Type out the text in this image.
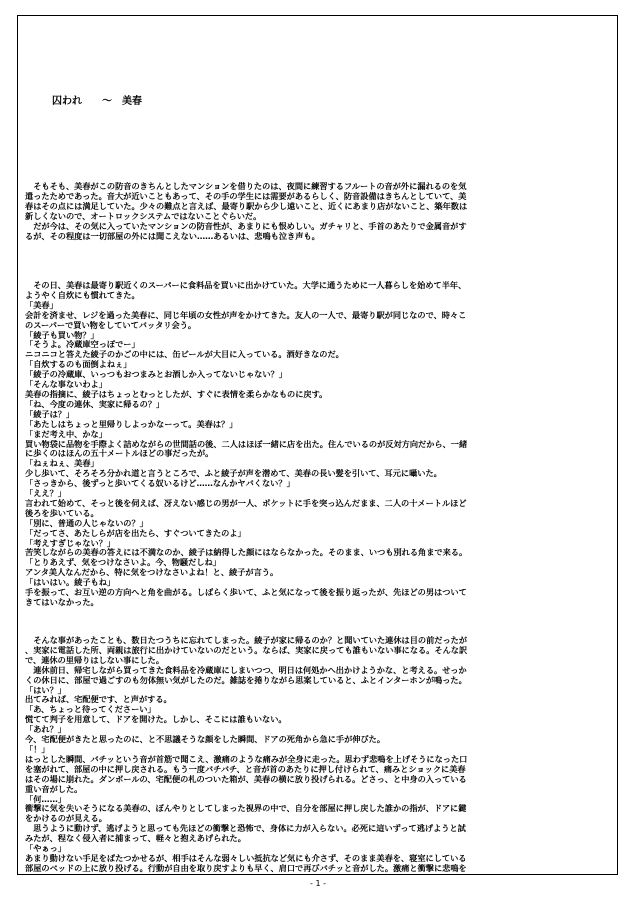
囚われ　　～　美春
　そもそも、美春がこの防音のきちんとしたマンションを借りたのは、夜間に練習するフルートの音が外に漏れるのを気
遣ったためであった。音大が近いこともあって、その手の学生には需要があるらしく、防音設備はきちんとしていて、美
春はその点には満足していた。少々の難点と言えば、最寄り駅から少し遠いこと、近くにあまり店がないこと、築年数は
新しくないので、オートロックシステムではないことぐらいだ。
　だが今は、その気に入っていたマンションの防音性が、あまりにも恨めしい。ガチャリと、手首のあたりで金属音がす
るが、その程度は一切部屋の外には聞こえない……あるいは、悲鳴も泣き声も。
　その日、美春は最寄り駅近くのスーパーに食料品を買いに出かけていた。大学に通うために一人暮らしを始めて半年、
ようやく自炊にも慣れてきた。
「美春」
会計を済ませ、レジを過った美春に、同じ年頃の女性が声をかけてきた。友人の一人で、最寄り駅が同じなので、時々こ
のスーパーで買い物をしていてバッタリ会う。
「綾子も買い物？」
「そうよ。冷蔵庫空っぽでー」
ニコニコと答えた綾子のかごの中には、缶ビールが大目に入っている。酒好きなのだ。
「自炊するのも面倒よねぇ」
「綾子の冷蔵庫、いっつもおつまみとお酒しか入ってないじゃない？」
「そんな事ないわよ」
美春の指摘に、綾子はちょっとむっとしたが、すぐに表情を柔らかなものに戻す。
「ね、今度の連休、実家に帰るの？」
「綾子は？」
「あたしはちょっと里帰りしよっかなーって。美春は？」
「まだ考え中、かな」
買い物袋に品物を手際よく詰めながらの世間話の後、二人はほぼ一緒に店を出た。住んでいるのが反対方向だから、一緒
に歩くのはほんの五十メートルほどの事だったが。
「ねぇねぇ、美春」
少し歩いて、そろそろ分かれ道と言うところで、ふと綾子が声を潜めて、美春の長い髪を引いて、耳元に囁いた。
「さっきから、後ずっと歩いてくる奴いるけど……なんかヤバくない？」
「ええ？」
言われて始めて、そっと後を伺えば、冴えない感じの男が一人、ポケットに手を突っ込んだまま、二人の十メートルほど
後ろを歩いている。
「別に、普通の人じゃないの？」
「だってさ、あたしらが店を出たら、すぐついてきたのよ」
「考えすぎじゃない？」
苦笑しながらの美春の答えには不満なのか、綾子は納得した顔にはならなかった。そのまま、いつも別れる角まで来る。
「とりあえず、気をつけなさいよ。今、物騒だしね」
アンタ美人なんだから、特に気をつけなさいよね！と、綾子が言う。
「はいはい。綾子もね」
手を振って、お互い逆の方向へと角を曲がる。しばらく歩いて、ふと気になって後を振り返ったが、先ほどの男はついて
きてはいなかった。
　そんな事があったことも、数日たつうちに忘れてしまった。綾子が家に帰るのか？と聞いていた連休は目の前だったが
、実家に電話した所、両親は旅行に出かけていないのだという。ならば、実家に戻っても誰もいない事になる。そんな訳
で、連休の里帰りはしない事にした。
　連休前日、帰宅しながら買ってきた食料品を冷蔵庫にしまいつつ、明日は何処かへ出かけようかな、と考える。せっか
くの休日に、部屋で過ごすのも勿体無い気がしたのだ。雑誌を捲りながら思案していると、ふとインターホンが鳴った。
「はい？」
出てみれば、宅配便です、と声がする。
「あ、ちょっと待ってくださーい」
慌てて判子を用意して、ドアを開けた。しかし、そこには誰もいない。
「あれ？」
今、宅配便がきたと思ったのに、と不思議そうな顔をした瞬間、ドアの死角から急に手が伸びた。
「！」
はっとした瞬間、バチッという音が首筋で聞こえ、激痛のような痛みが全身に走った。思わず悲鳴を上げそうになった口
を塞がれて、部屋の中に押し戻される。もう一度バチバチ、と音が首のあたりに押し付けられて、痛みとショックに美春
はその場に崩れた。ダンボールの、宅配便の札のついた箱が、美春の横に放り投げられる。どさっ、と中身の入っている
重い音がした。
「何……」
衝撃に気を失いそうになる美春の、ぼんやりとしてしまった視界の中で、自分を部屋に押し戻した誰かの指が、ドアに鍵
をかけるのが見える。
　思うように動けず、逃げようと思っても先ほどの衝撃と恐怖で、身体に力が入らない。必死に這いずって逃げようと試
みたが、程なく侵入者に捕まって、軽々と抱えあげられた。
「やぁっ」
あまり動けない手足をばたつかせるが、相手はそんな弱々しい抵抗など気にも介さず、そのまま美春を、寝室にしている
部屋のベッドの上に放り投げる。行動が自由を取り戻すよりも早く、肩口で再びバチッと音がした。激痛と衝撃に悲鳴を
- 1 -
